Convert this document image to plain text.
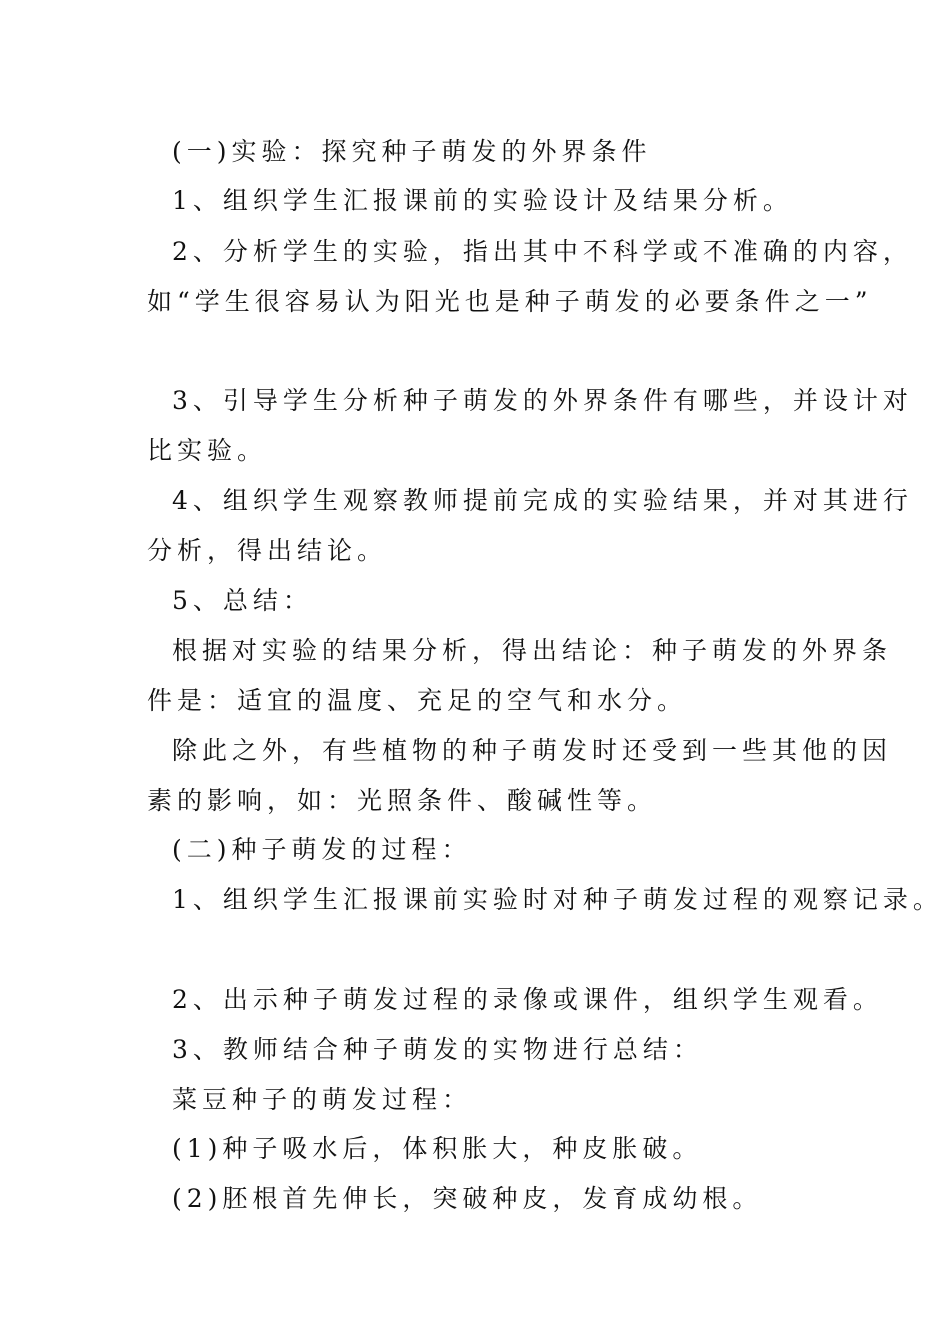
(一)实验：探究种子萌发的外界条件
1、组织学生汇报课前的实验设计及结果分析。
2、分析学生的实验，指出其中不科学或不准确的内容，
如“学生很容易认为阳光也是种子萌发的必要条件之一”
3、引导学生分析种子萌发的外界条件有哪些，并设计对
比实验。
4、组织学生观察教师提前完成的实验结果，并对其进行
分析，得出结论。
5、总结：
根据对实验的结果分析，得出结论：种子萌发的外界条
件是：适宜的温度、充足的空气和水分。
除此之外，有些植物的种子萌发时还受到一些其他的因
素的影响，如：光照条件、酸碱性等。
(二)种子萌发的过程：
1、组织学生汇报课前实验时对种子萌发过程的观察记录。
2、出示种子萌发过程的录像或课件，组织学生观看。
3、教师结合种子萌发的实物进行总结：
菜豆种子的萌发过程：
(1)种子吸水后，体积胀大，种皮胀破。
(2)胚根首先伸长，突破种皮，发育成幼根。
